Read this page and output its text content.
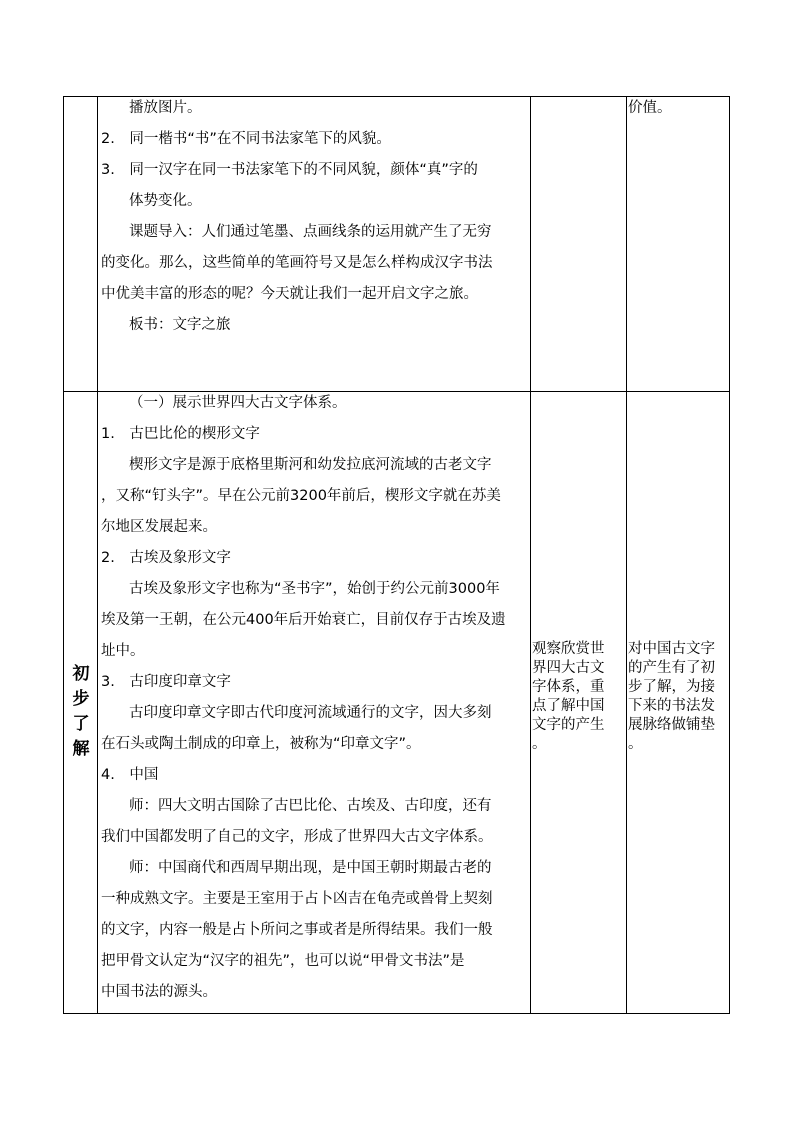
播放图片。
2.　同一楷书“书”在不同书法家笔下的风貌。
3.　同一汉字在同一书法家笔下的不同风貌，颜体“真”字的
体势变化。
课题导入：人们通过笔墨、点画线条的运用就产生了无穷
的变化。那么，这些简单的笔画符号又是怎么样构成汉字书法
中优美丰富的形态的呢？今天就让我们一起开启文字之旅。
板书：文字之旅
价值。
初
步
了
解
（一）展示世界四大古文字体系。
1.　古巴比伦的楔形文字
楔形文字是源于底格里斯河和幼发拉底河流域的古老文字
，又称“钉头字”。早在公元前3200年前后，楔形文字就在苏美
尔地区发展起来。
2.　古埃及象形文字
古埃及象形文字也称为“圣书字”，始创于约公元前3000年
埃及第一王朝，在公元400年后开始衰亡，目前仅存于古埃及遗
址中。
3.　古印度印章文字
古印度印章文字即古代印度河流域通行的文字，因大多刻
在石头或陶土制成的印章上，被称为“印章文字”。
4.　中国
师：四大文明古国除了古巴比伦、古埃及、古印度，还有
我们中国都发明了自己的文字，形成了世界四大古文字体系。
师：中国商代和西周早期出现，是中国王朝时期最古老的
一种成熟文字。主要是王室用于占卜凶吉在龟壳或兽骨上契刻
的文字，内容一般是占卜所问之事或者是所得结果。我们一般
把甲骨文认定为“汉字的祖先”，也可以说“甲骨文书法”是
中国书法的源头。
观察欣赏世
界四大古文
字体系，重
点了解中国
文字的产生
。
对中国古文字
的产生有了初
步了解，为接
下来的书法发
展脉络做铺垫
。
